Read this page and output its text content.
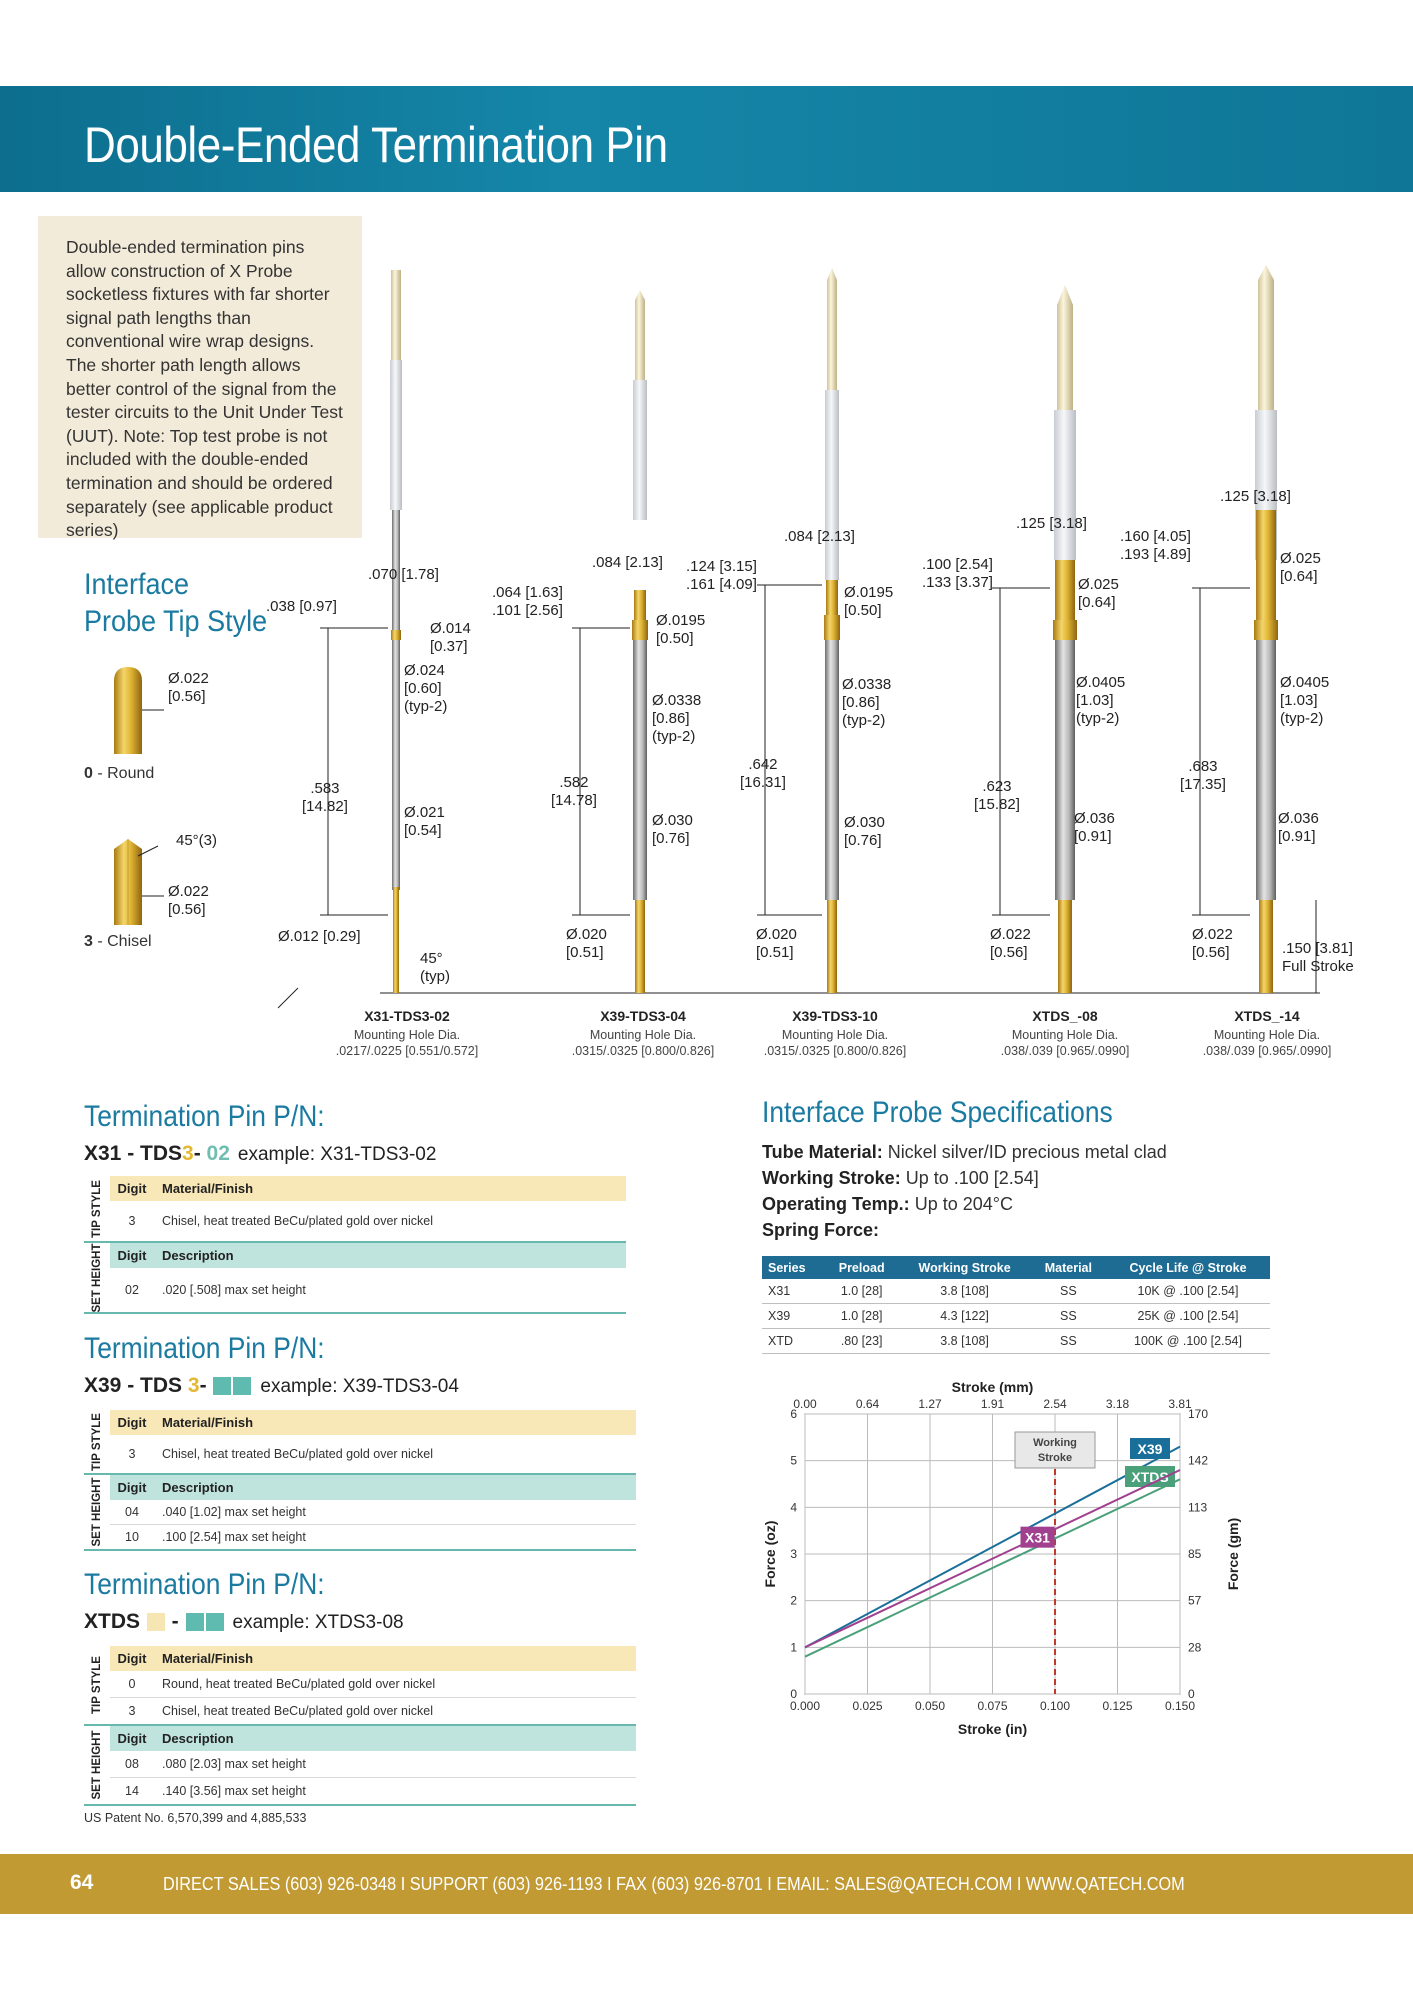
Double-Ended Termination Pin
Double-ended termination pins allow construction of X Probe socketless fixtures with far shorter signal path lengths than conventional wire wrap designs. The shorter path length allows better control of the signal from the tester circuits to the Unit Under Test (UUT). Note: Top test probe is not included with the double-ended termination and should be ordered separately (see applicable product series)
Interface
Probe Tip Style
Ø.022
[0.56]
0 - Round
45°(3)
Ø.022
[0.56]
3 - Chisel
.070 [1.78]
.038 [0.97]
Ø.014
[0.37]
Ø.024
[0.60]
(typ-2)
.583
[14.82]	Ø.021
[0.54]
Ø.012 [0.29]
45°
(typ)
.084 [2.13]
.064 [1.63]
.101 [2.56]
Ø.0195
[0.50]
Ø.0338
[0.86]
(typ-2)
.582
[14.78]
Ø.030
[0.76]
Ø.020
[0.51]
.084 [2.13]
.124 [3.15]
.161 [4.09]	Ø.0195
[0.50]
Ø.0338
[0.86]
(typ-2)
.642
[16.31]
Ø.030
[0.76]
Ø.020
[0.51]
.125 [3.18]
.100 [2.54]
.133 [3.37]	Ø.025
[0.64]
Ø.0405
[1.03]
(typ-2)
.623
[15.82]
Ø.036
[0.91]
Ø.022
[0.56]
.125 [3.18]
.160 [4.05]
.193 [4.89]	Ø.025
[0.64]
Ø.0405
[1.03]
(typ-2)
.683
[17.35]
Ø.036
[0.91]
Ø.022
[0.56]	.150 [3.81]
Full Stroke
X31-TDS3-02
Mounting Hole Dia.
.0217/.0225 [0.551/0.572]
X39-TDS3-04
Mounting Hole Dia.
.0315/.0325 [0.800/0.826]
X39-TDS3-10
Mounting Hole Dia.
.0315/.0325 [0.800/0.826]
XTDS_-08
Mounting Hole Dia.
.038/.039 [0.965/.0990]
XTDS_-14
Mounting Hole Dia.
.038/.039 [0.965/.0990]
Termination Pin P/N:
X31 - TDS3- 02 example: X31-TDS3-02
TIP STYLE	Digit	Material/Finish
3	Chisel, heat treated BeCu/plated gold over nickel
SET HEIGHT	Digit	Description
02	.020 [.508] max set height
Termination Pin P/N:
X39 - TDS 3-	example: X39-TDS3-04
TIP STYLE	Digit	Material/Finish
3	Chisel, heat treated BeCu/plated gold over nickel
SET HEIGHT	Digit	Description
04	.040 [1.02] max set height
10	.100 [2.54] max set height
Termination Pin P/N:
XTDS  -	example: XTDS3-08
TIP STYLE	Digit	Material/Finish
0	Round, heat treated BeCu/plated gold over nickel
3	Chisel, heat treated BeCu/plated gold over nickel
SET HEIGHT	Digit	Description
08	.080 [2.03] max set height
14	.140 [3.56] max set height
US Patent No. 6,570,399 and 4,885,533
Interface Probe Specifications
Tube Material: Nickel silver/ID precious metal clad
Working Stroke: Up to .100 [2.54]
Operating Temp.: Up to 204°C
Spring Force:
Series	Preload	Working Stroke	Material	Cycle Life @ Stroke
X31	1.0 [28]	3.8 [108]	SS	10K @ .100 [2.54]
X39	1.0 [28]	4.3 [122]	SS	25K @ .100 [2.54]
XTD	.80 [23]	3.8 [108]	SS	100K @ .100 [2.54]
0.000
0.00
0.025
0.64
0.050
1.27
0.075
1.91
0.100
2.54
0.125
3.18
0.150
3.81
0	0
1	28
2	57
3	85
4	113
5	142
6	170
Stroke (in)
Stroke (mm)
Force (oz)	Force (gm)
Working
Stroke
X39
XTDS
X31
64	DIRECT SALES (603) 926-0348 I SUPPORT (603) 926-1193 I FAX (603) 926-8701 I EMAIL: SALES@QATECH.COM I WWW.QATECH.COM
